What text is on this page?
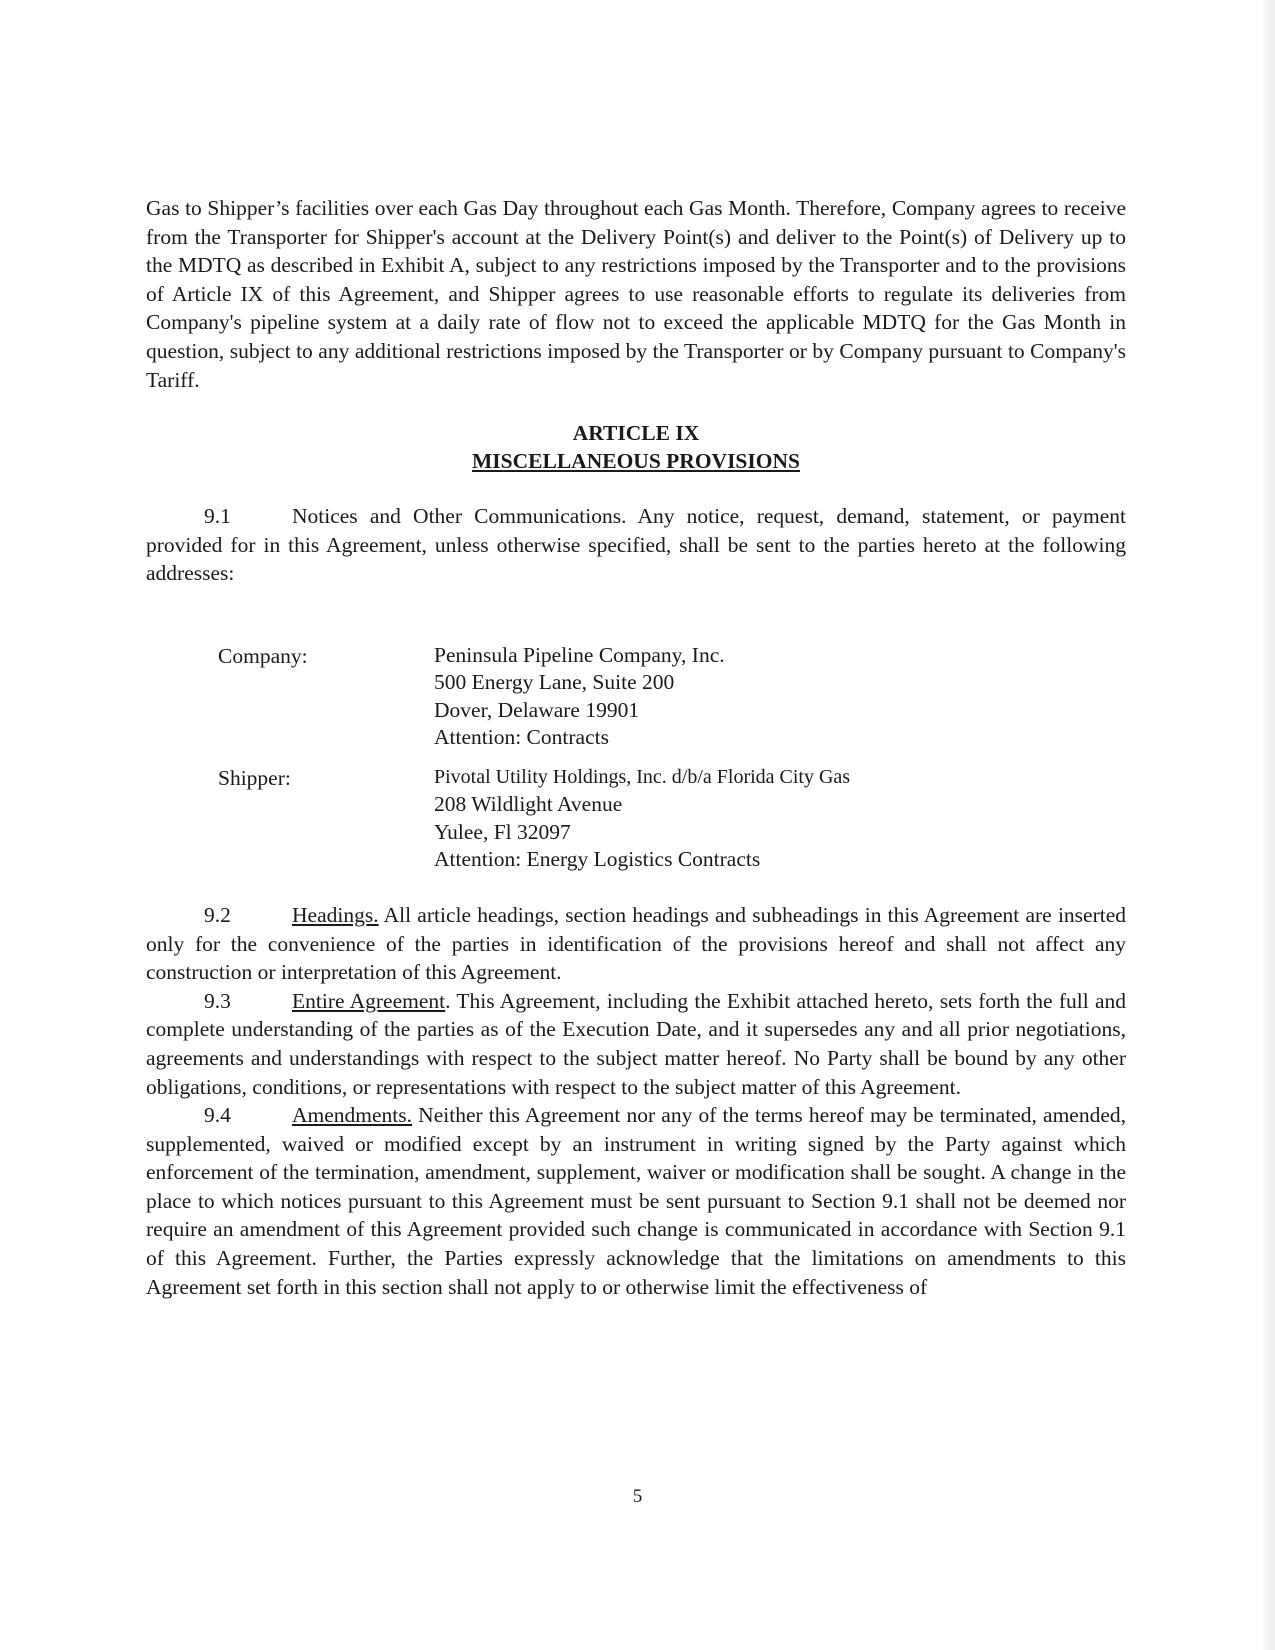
Gas to Shipper’s facilities over each Gas Day throughout each Gas Month. Therefore, Company agrees to receive from the Transporter for Shipper's account at the Delivery Point(s) and deliver to the Point(s) of Delivery up to the MDTQ as described in Exhibit A, subject to any restrictions imposed by the Transporter and to the provisions of Article IX of this Agreement, and Shipper agrees to use reasonable efforts to regulate its deliveries from Company's pipeline system at a daily rate of flow not to exceed the applicable MDTQ for the Gas Month in question, subject to any additional restrictions imposed by the Transporter or by Company pursuant to Company's Tariff.

ARTICLE IX
MISCELLANEOUS PROVISIONS

9.1	Notices and Other Communications. Any notice, request, demand, statement, or payment provided for in this Agreement, unless otherwise specified, shall be sent to the parties hereto at the following addresses:

Company:	Peninsula Pipeline Company, Inc.
500 Energy Lane, Suite 200
Dover, Delaware 19901
Attention: Contracts

Shipper:	Pivotal Utility Holdings, Inc. d/b/a Florida City Gas
208 Wildlight Avenue
Yulee, Fl 32097
Attention: Energy Logistics Contracts

9.2	Headings. All article headings, section headings and subheadings in this Agreement are inserted only for the convenience of the parties in identification of the provisions hereof and shall not affect any construction or interpretation of this Agreement.

9.3	Entire Agreement. This Agreement, including the Exhibit attached hereto, sets forth the full and complete understanding of the parties as of the Execution Date, and it supersedes any and all prior negotiations, agreements and understandings with respect to the subject matter hereof. No Party shall be bound by any other obligations, conditions, or representations with respect to the subject matter of this Agreement.

9.4	Amendments. Neither this Agreement nor any of the terms hereof may be terminated, amended, supplemented, waived or modified except by an instrument in writing signed by the Party against which enforcement of the termination, amendment, supplement, waiver or modification shall be sought. A change in the place to which notices pursuant to this Agreement must be sent pursuant to Section 9.1 shall not be deemed nor require an amendment of this Agreement provided such change is communicated in accordance with Section 9.1 of this Agreement. Further, the Parties expressly acknowledge that the limitations on amendments to this Agreement set forth in this section shall not apply to or otherwise limit the effectiveness of

5
